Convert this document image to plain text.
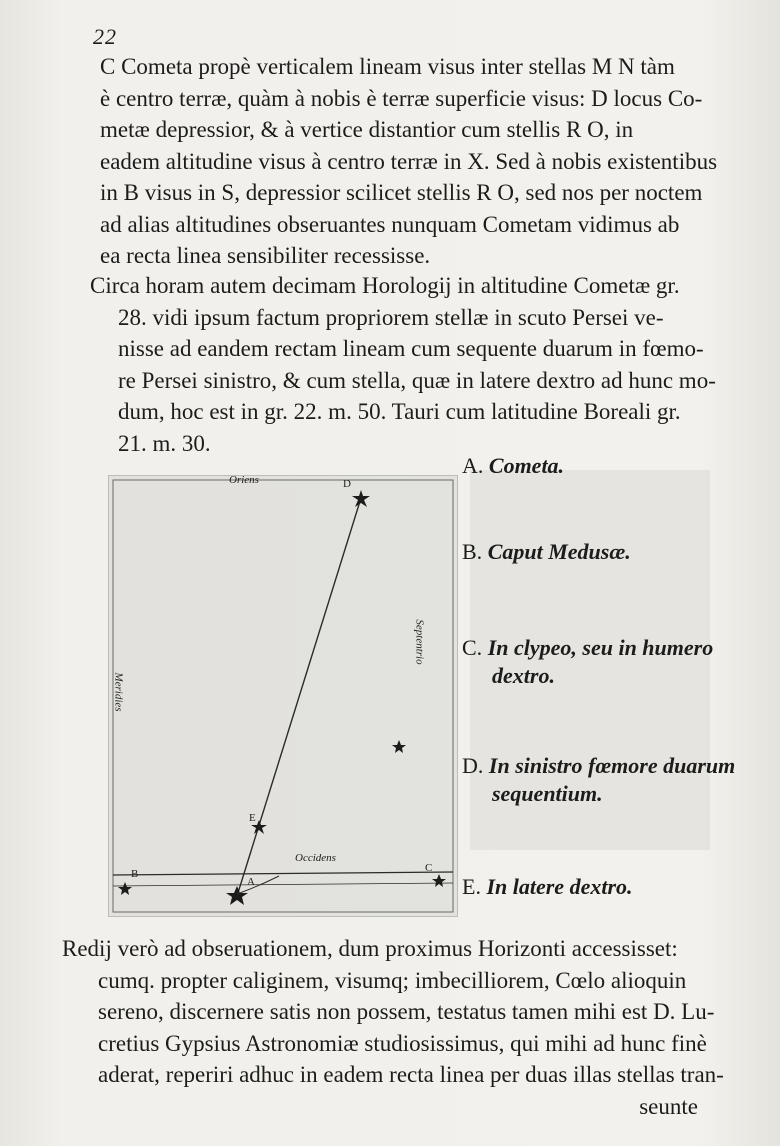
22
C Cometa propè verticalem lineam visus inter stellas M N tàm
è centro terræ, quàm à nobis è terræ superficie visus: D locus Co-
metæ depressior, & à vertice distantior cum stellis R O, in
eadem altitudine visus à centro terræ in X. Sed à nobis existentibus
in B visus in S, depressior scilicet stellis R O, sed nos per noctem
ad alias altitudines obseruantes nunquam Cometam vidimus ab
ea recta linea sensibiliter recessisse.
Circa horam autem decimam Horologij in altitudine Cometæ gr.
28. vidi ipsum factum propriorem stellæ in scuto Persei ve-
nisse ad eandem rectam lineam cum sequente duarum in fœmo-
re Persei sinistro, & cum stella, quæ in latere dextro ad hunc mo-
dum, hoc est in gr. 22. m. 50. Tauri cum latitudine Boreali gr.
21. m. 30.
Oriens
Occidens
Meridies
Septentrio
D
E
A
B	C
A. Cometa.
B. Caput Medusæ.
C. In clypeo, seu in humero
dextro.
D. In sinistro fœmore duarum
sequentium.
E. In latere dextro.
Redij verò ad obseruationem, dum proximus Horizonti accessisset:
cumq. propter caliginem, visumq; imbecilliorem, Cœlo alioquin
sereno, discernere satis non possem, testatus tamen mihi est D. Lu-
cretius Gypsius Astronomiæ studiosissimus, qui mihi ad hunc finè
aderat, reperiri adhuc in eadem recta linea per duas illas stellas tran-
seunte
